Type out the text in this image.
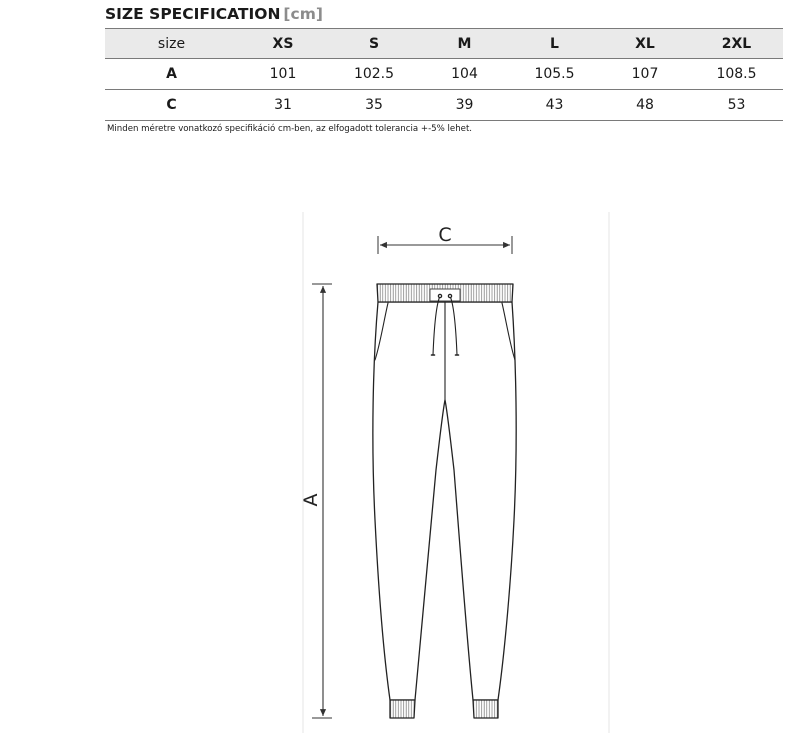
SIZE SPECIFICATION [cm]
size	XS	S	M	L	XL	2XL
A	101	102.5	104	105.5	107	108.5
C	31	35	39	43	48	53
Minden méretre vonatkozó specifikáció cm-ben, az elfogadott tolerancia +-5% lehet.
C
A
